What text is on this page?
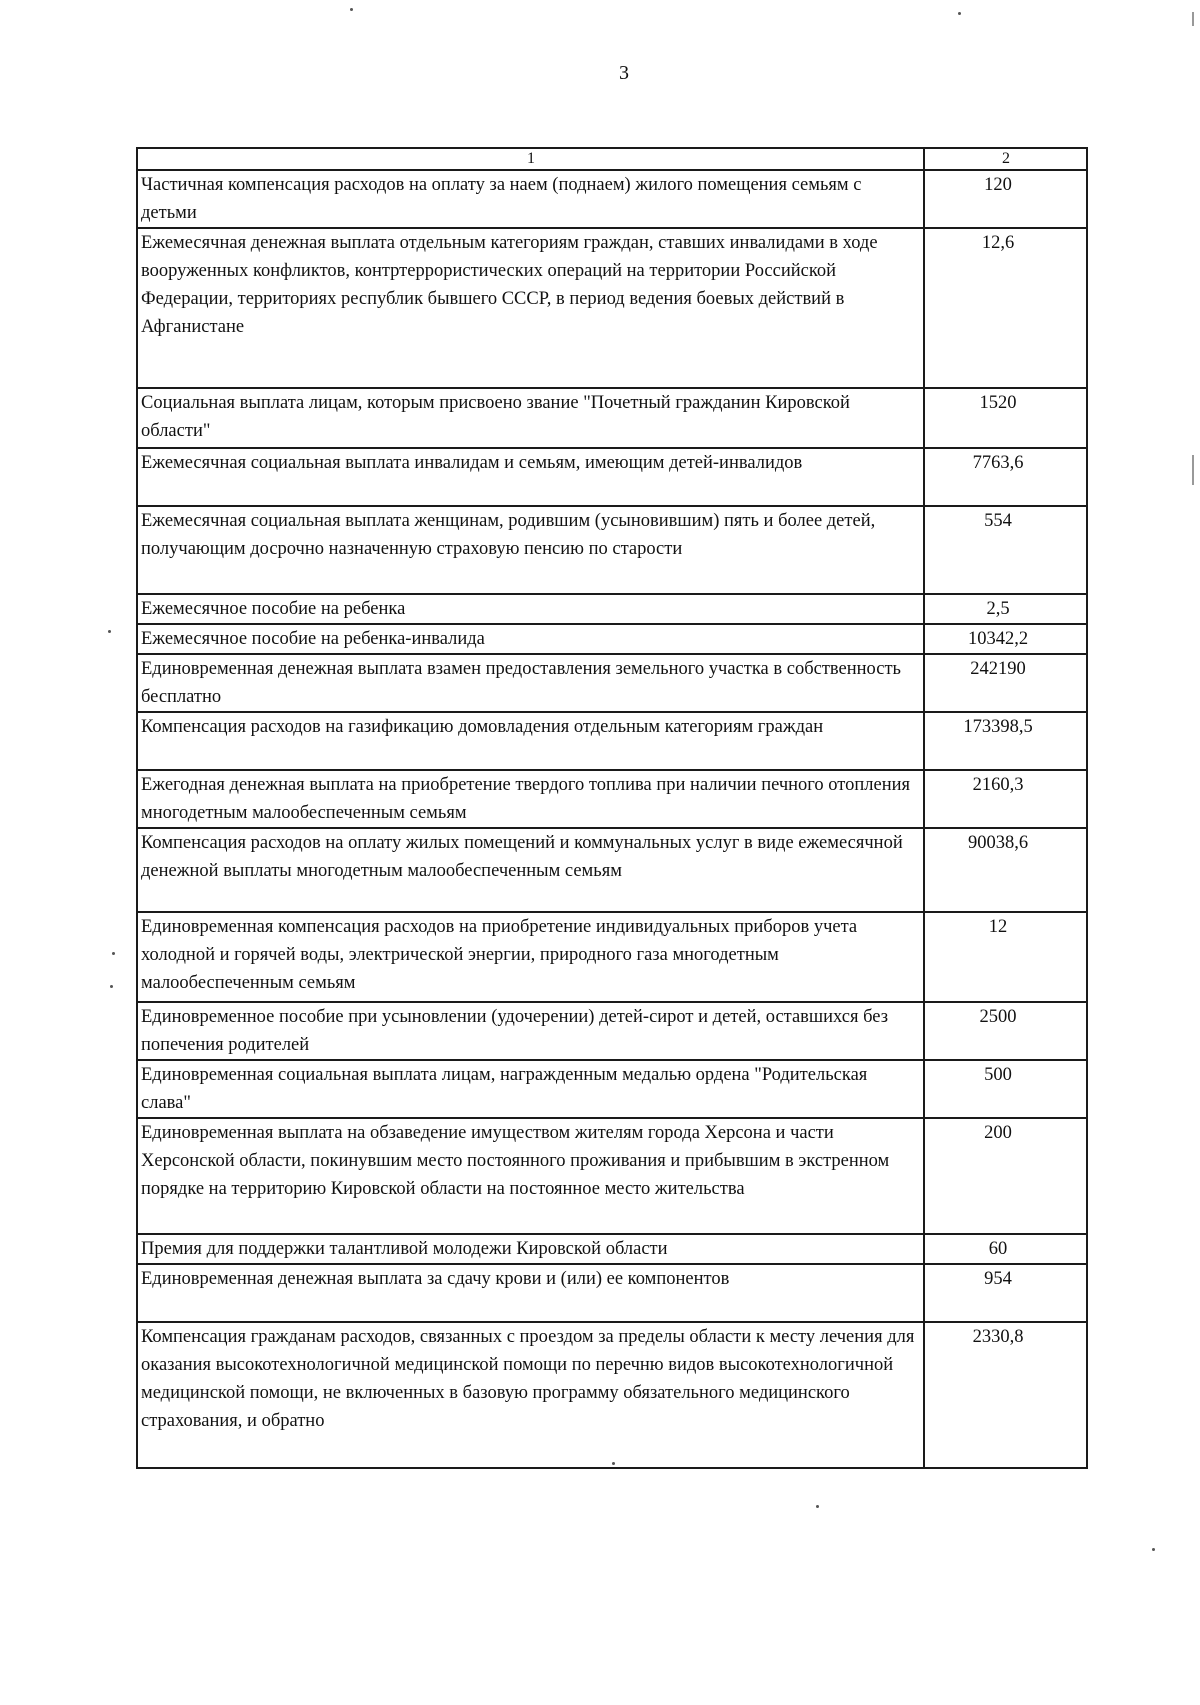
3
1	2
Частичная компенсация расходов на оплату за наем (поднаем) жилого помещения семьям с детьми	120
Ежемесячная денежная выплата отдельным категориям граждан, ставших инвалидами в ходе вооруженных конфликтов, контртеррористических операций на территории Российской Федерации, территориях республик бывшего СССР, в период ведения боевых действий в Афганистане	12,6
Социальная выплата лицам, которым присвоено звание "Почетный гражданин Кировской области"	1520
Ежемесячная социальная выплата инвалидам и семьям, имеющим детей-инвалидов	7763,6
Ежемесячная социальная выплата женщинам, родившим (усыновившим) пять и более детей, получающим досрочно назначенную страховую пенсию по старости	554
Ежемесячное пособие на ребенка	2,5
Ежемесячное пособие на ребенка-инвалида	10342,2
Единовременная денежная выплата взамен предоставления земельного участка в собственность бесплатно	242190
Компенсация расходов на газификацию домовладения отдельным категориям граждан	173398,5
Ежегодная денежная выплата на приобретение твердого топлива при наличии печного отопления многодетным малообеспеченным семьям	2160,3
Компенсация расходов на оплату жилых помещений и коммунальных услуг в виде ежемесячной денежной выплаты многодетным малообеспеченным семьям	90038,6
Единовременная компенсация расходов на приобретение индивидуальных приборов учета холодной и горячей воды, электрической энергии, природного газа многодетным малообеспеченным семьям	12
Единовременное пособие при усыновлении (удочерении) детей-сирот и детей, оставшихся без попечения родителей	2500
Единовременная социальная выплата лицам, награжденным медалью ордена "Родительская слава"	500
Единовременная выплата на обзаведение имуществом жителям города Херсона и части Херсонской области, покинувшим место постоянного проживания и прибывшим в экстренном порядке на территорию Кировской области на постоянное место жительства	200
Премия для поддержки талантливой молодежи Кировской области	60
Единовременная денежная выплата за сдачу крови и (или) ее компонентов	954
Компенсация гражданам расходов, связанных с проездом за пределы области к месту лечения для оказания высокотехнологичной медицинской помощи по перечню видов высокотехнологичной медицинской помощи, не включенных в базовую программу обязательного медицинского страхования, и обратно	2330,8
